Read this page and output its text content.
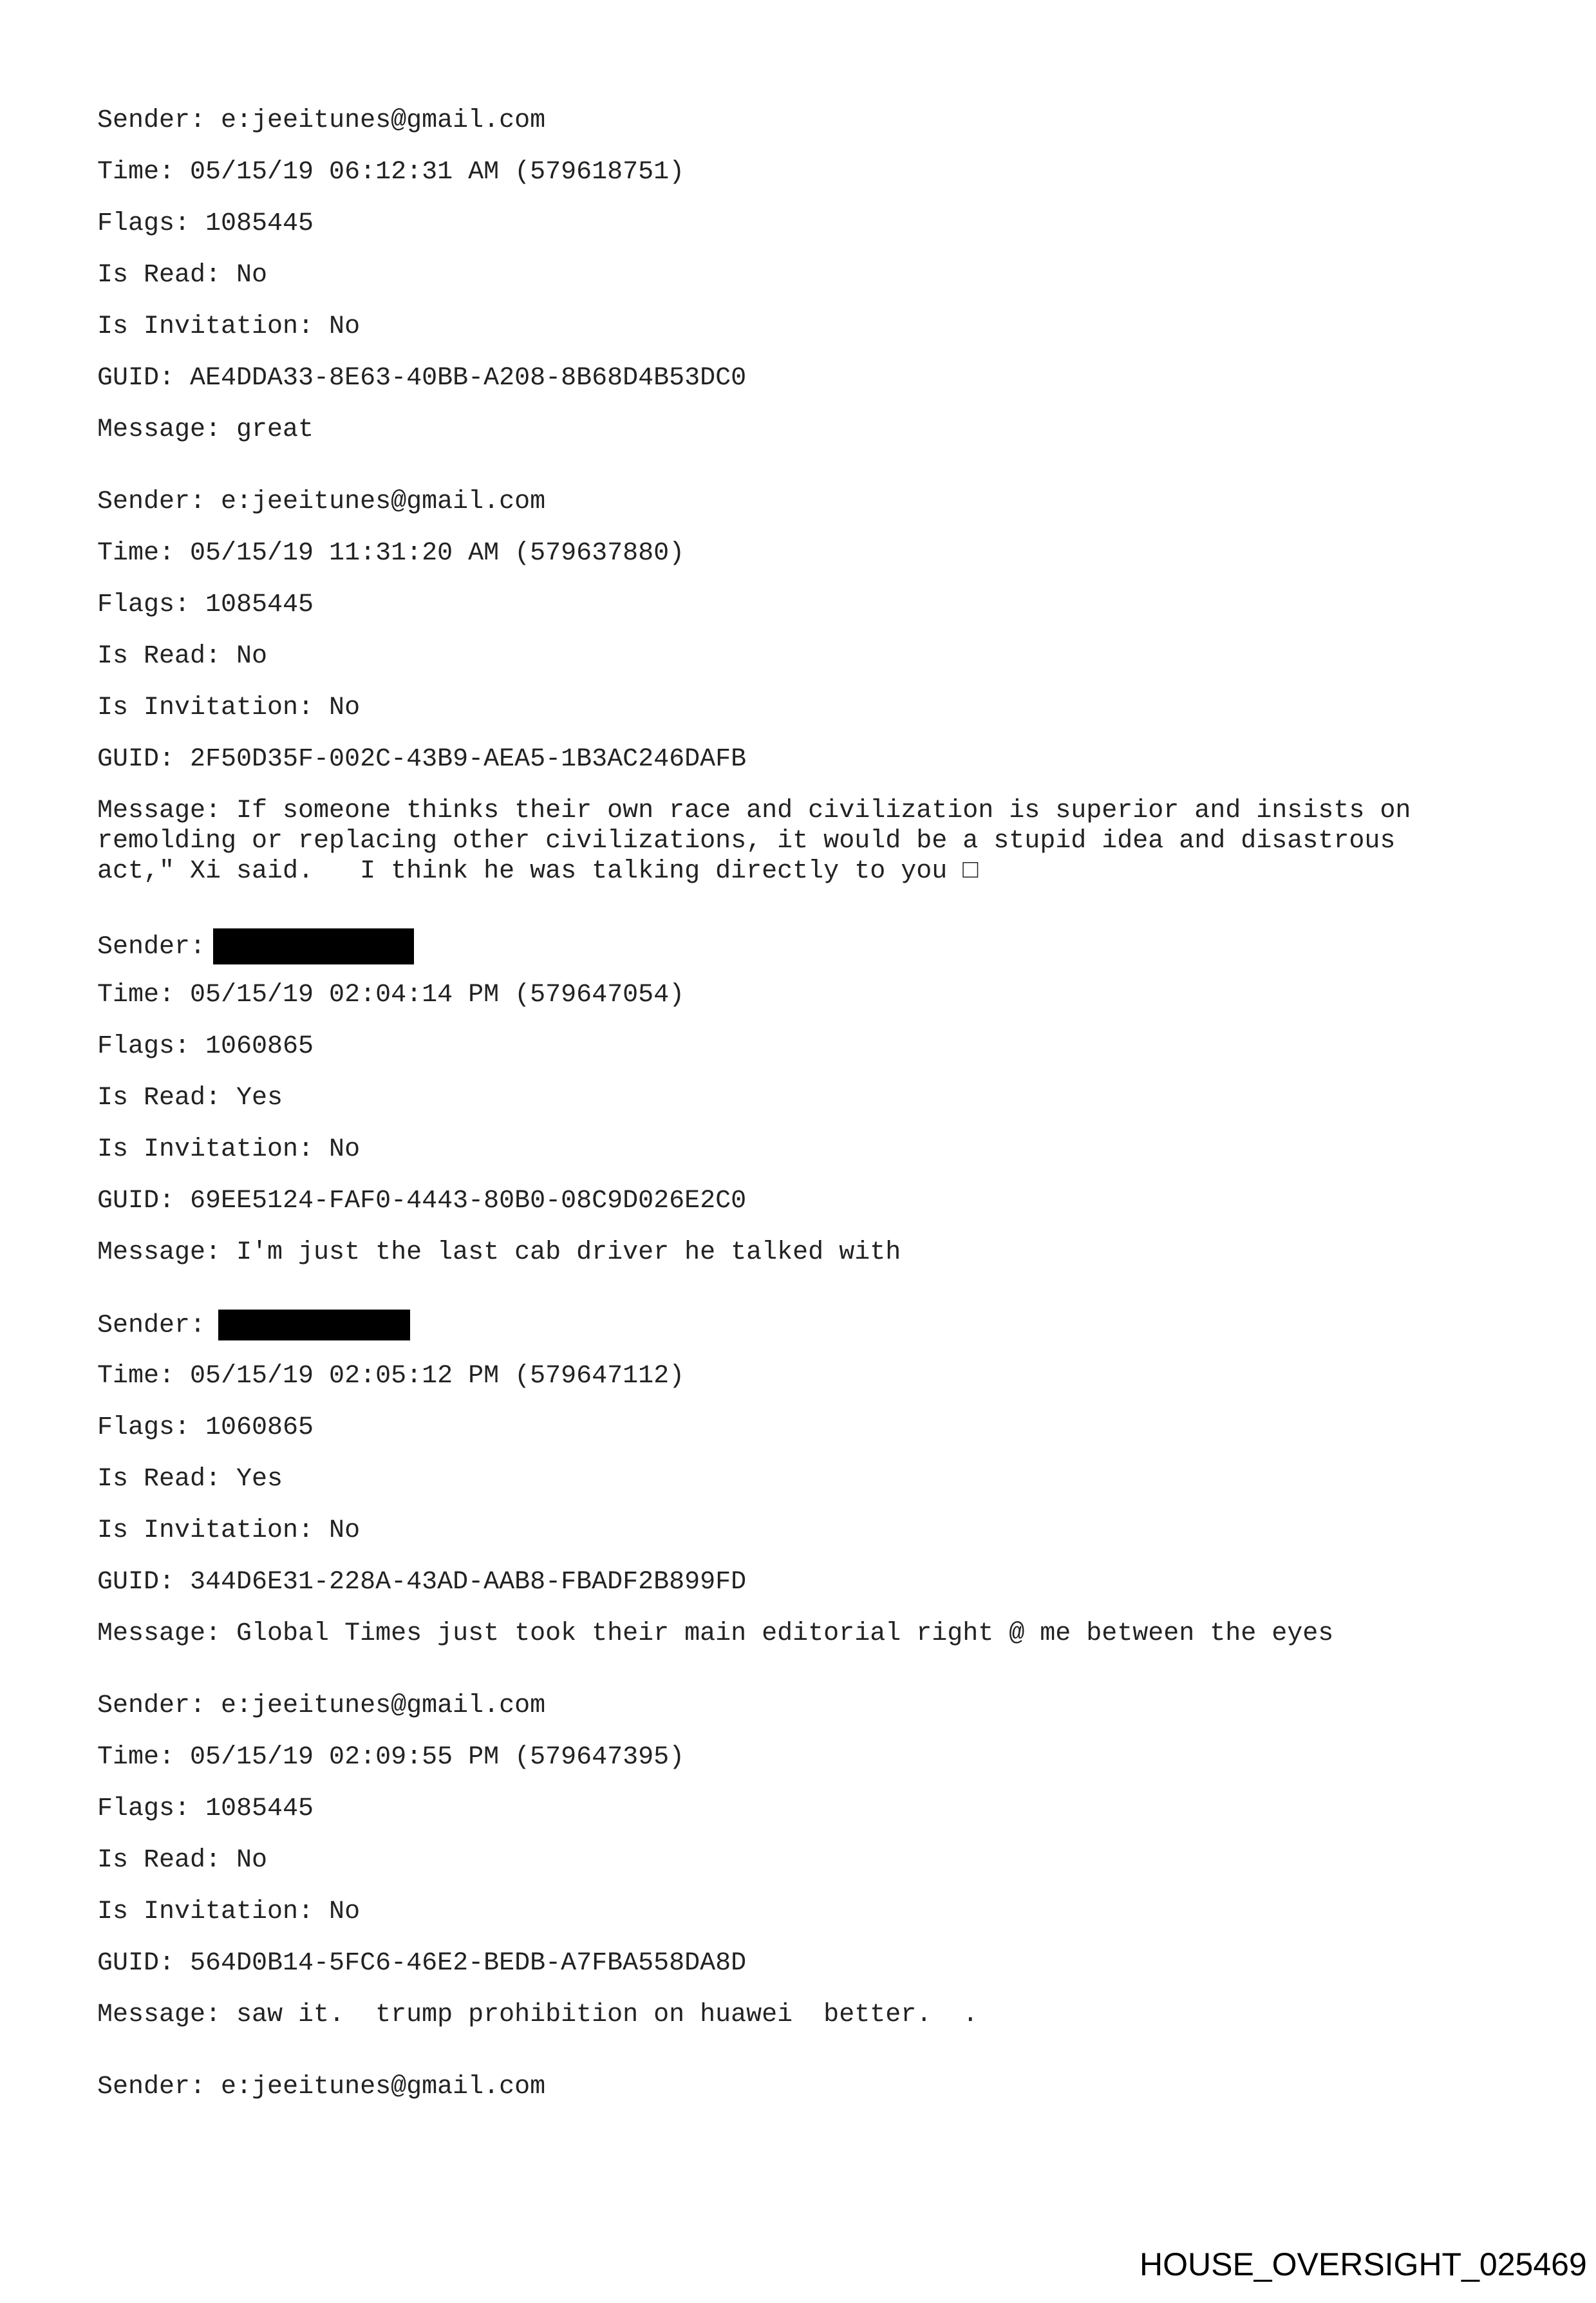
Sender: e:jeeitunes@gmail.com
Time: 05/15/19 06:12:31 AM (579618751)
Flags: 1085445
Is Read: No
Is Invitation: No
GUID: AE4DDA33-8E63-40BB-A208-8B68D4B53DC0
Message: great
Sender: e:jeeitunes@gmail.com
Time: 05/15/19 11:31:20 AM (579637880)
Flags: 1085445
Is Read: No
Is Invitation: No
GUID: 2F50D35F-002C-43B9-AEA5-1B3AC246DAFB
Message: If someone thinks their own race and civilization is superior and insists on remolding or replacing other civilizations, it would be a stupid idea and disastrous act," Xi said.   I think he was talking directly to you □
Sender:
Time: 05/15/19 02:04:14 PM (579647054)
Flags: 1060865
Is Read: Yes
Is Invitation: No
GUID: 69EE5124-FAF0-4443-80B0-08C9D026E2C0
Message: I'm just the last cab driver he talked with
Sender:
Time: 05/15/19 02:05:12 PM (579647112)
Flags: 1060865
Is Read: Yes
Is Invitation: No
GUID: 344D6E31-228A-43AD-AAB8-FBADF2B899FD
Message: Global Times just took their main editorial right @ me between the eyes
Sender: e:jeeitunes@gmail.com
Time: 05/15/19 02:09:55 PM (579647395)
Flags: 1085445
Is Read: No
Is Invitation: No
GUID: 564D0B14-5FC6-46E2-BEDB-A7FBA558DA8D
Message: saw it.  trump prohibition on huawei  better.  .
Sender: e:jeeitunes@gmail.com
HOUSE_OVERSIGHT_025469
